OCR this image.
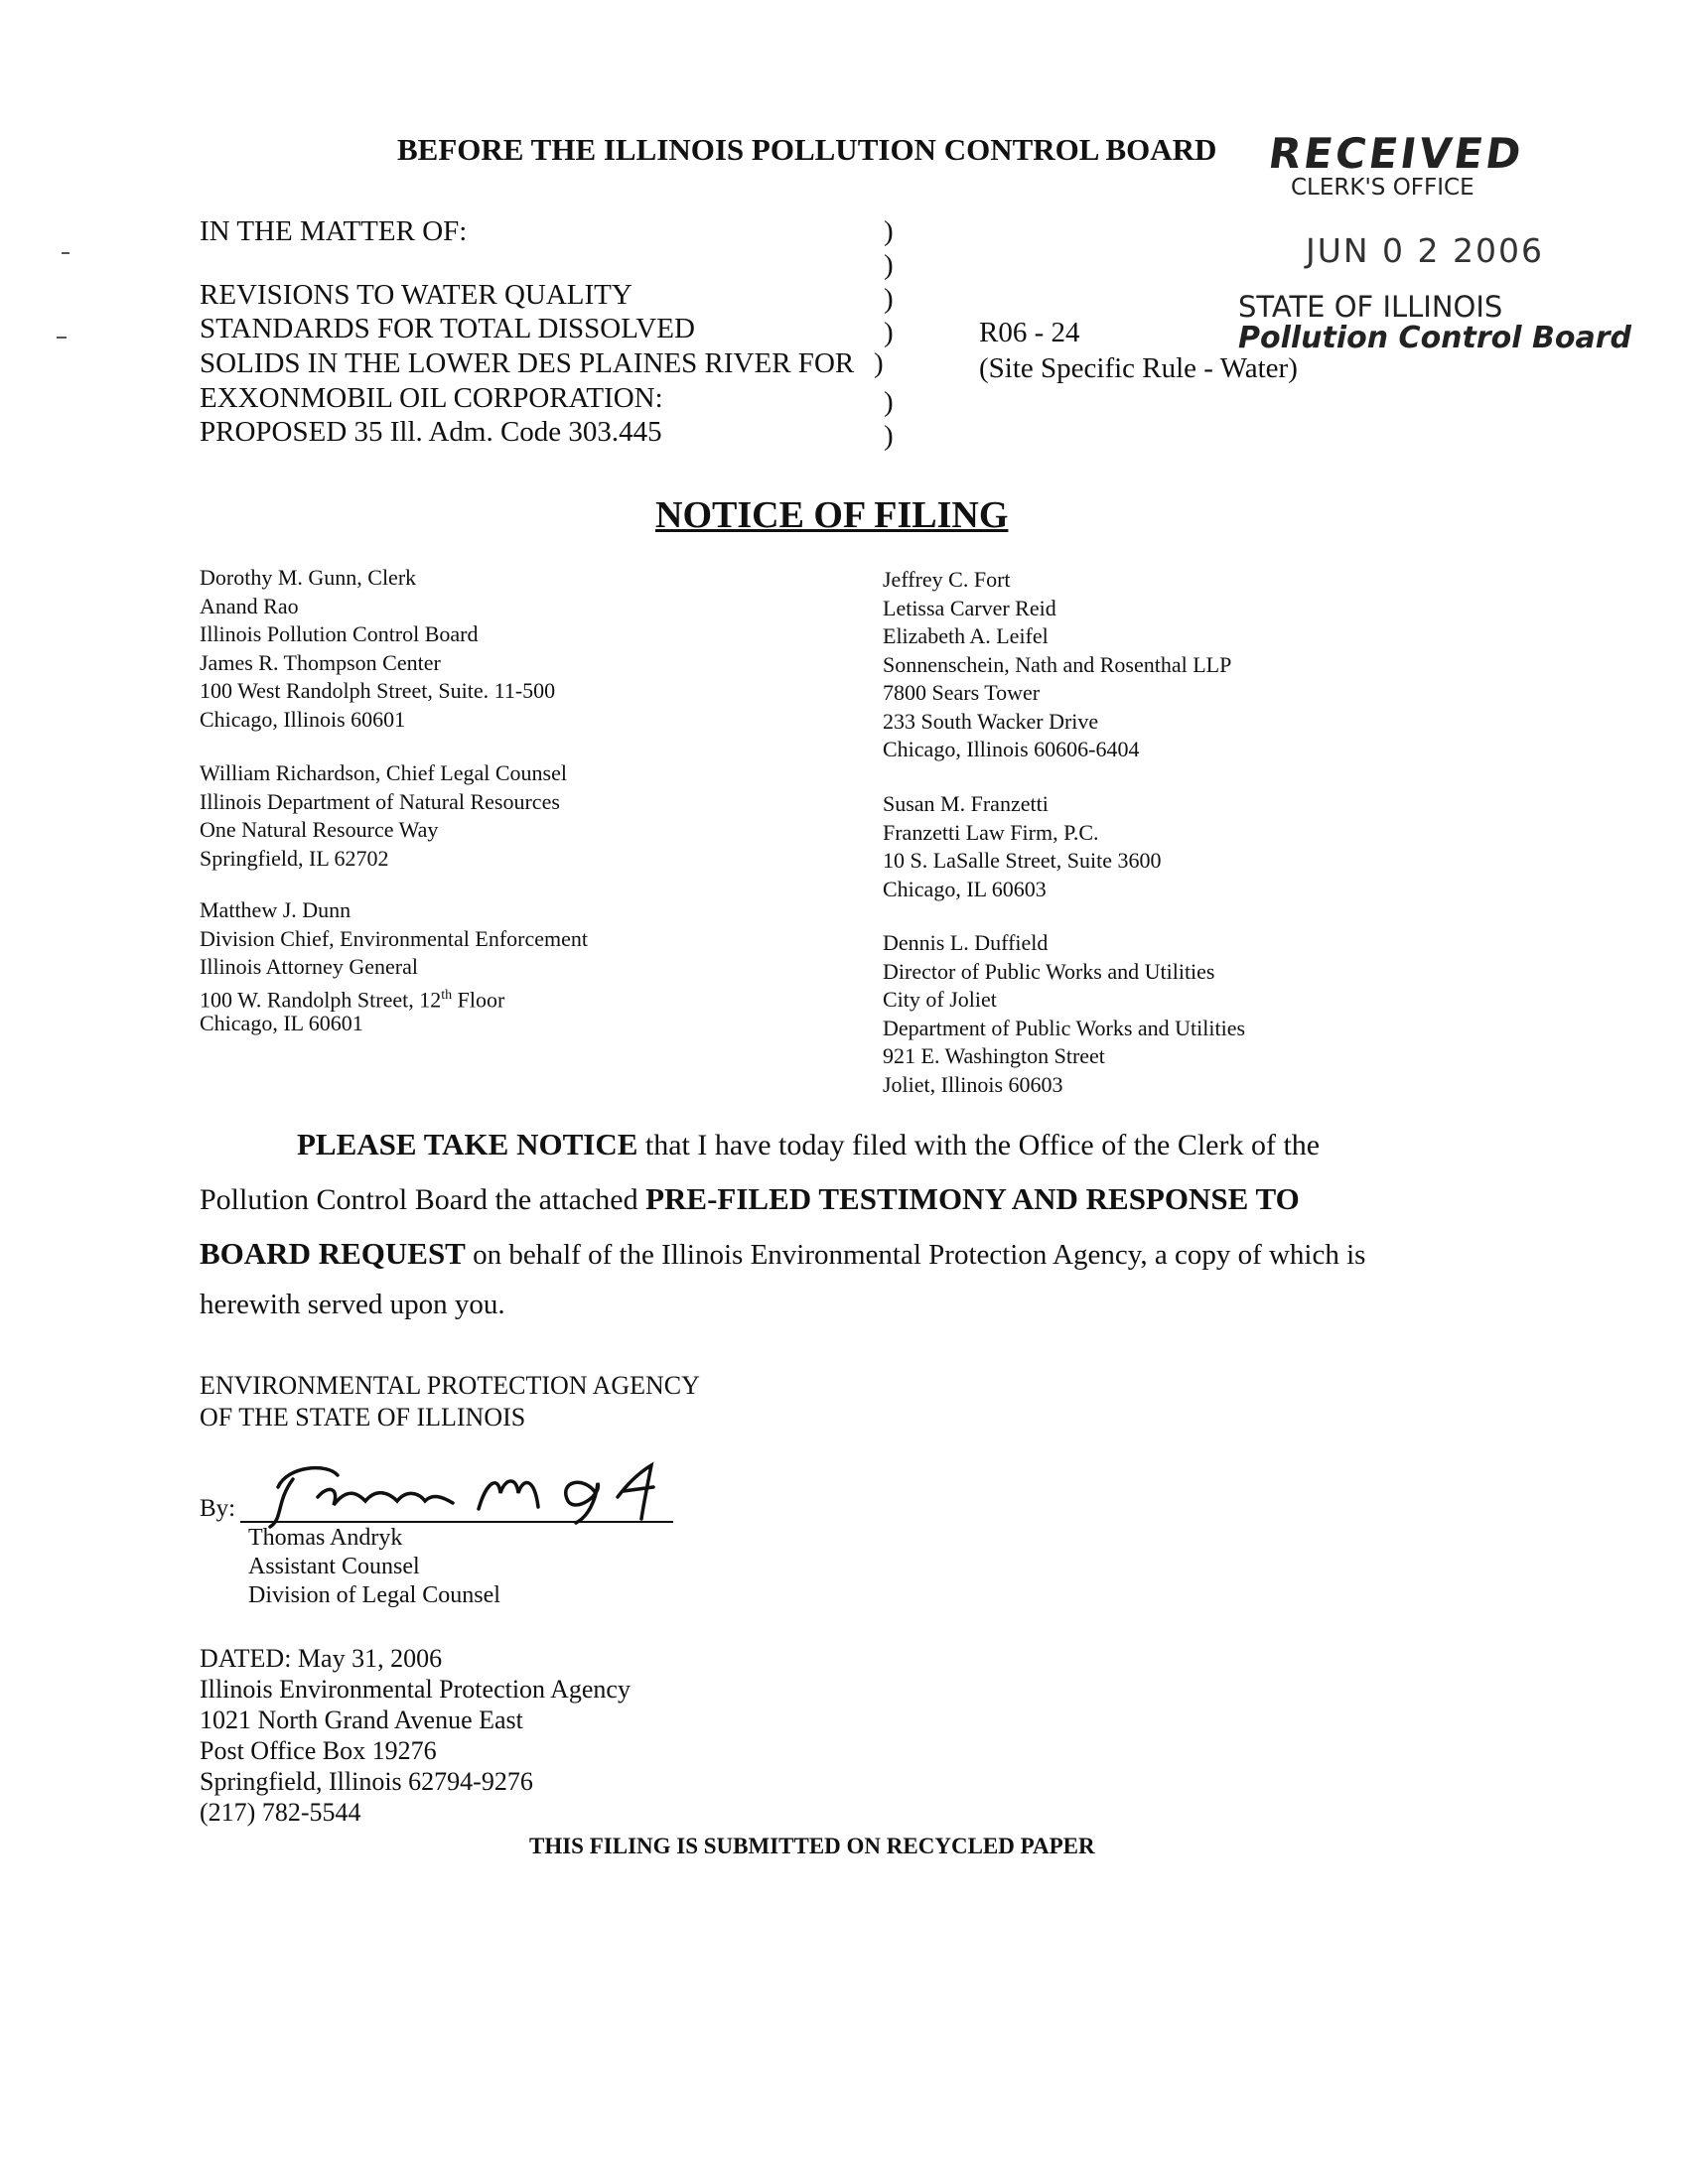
BEFORE THE ILLINOIS POLLUTION CONTROL BOARD RECEIVED
CLERK'S OFFICE
JUN 0 2 2006
STATE OF ILLINOIS
Pollution Control Board
IN THE MATTER OF:
REVISIONS TO WATER QUALITY
STANDARDS FOR TOTAL DISSOLVED
SOLIDS IN THE LOWER DES PLAINES RIVER FOR
EXXONMOBIL OIL CORPORATION:
PROPOSED 35 Ill. Adm. Code 303.445
)
)
)
)
)
)
)
R06 - 24
(Site Specific Rule - Water)
NOTICE OF FILING
Dorothy M. Gunn, Clerk
Anand Rao
Illinois Pollution Control Board
James R. Thompson Center
100 West Randolph Street, Suite. 11-500
Chicago, Illinois 60601
William Richardson, Chief Legal Counsel
Illinois Department of Natural Resources
One Natural Resource Way
Springfield, IL 62702
Matthew J. Dunn
Division Chief, Environmental Enforcement
Illinois Attorney General
100 W. Randolph Street, 12th Floor
Chicago, IL 60601
Jeffrey C. Fort
Letissa Carver Reid
Elizabeth A. Leifel
Sonnenschein, Nath and Rosenthal LLP
7800 Sears Tower
233 South Wacker Drive
Chicago, Illinois 60606-6404
Susan M. Franzetti
Franzetti Law Firm, P.C.
10 S. LaSalle Street, Suite 3600
Chicago, IL 60603
Dennis L. Duffield
Director of Public Works and Utilities
City of Joliet
Department of Public Works and Utilities
921 E. Washington Street
Joliet, Illinois 60603
PLEASE TAKE NOTICE that I have today filed with the Office of the Clerk of the
Pollution Control Board the attached PRE-FILED TESTIMONY AND RESPONSE TO
BOARD REQUEST on behalf of the Illinois Environmental Protection Agency, a copy of which is
herewith served upon you.
ENVIRONMENTAL PROTECTION AGENCY
OF THE STATE OF ILLINOIS
By:
Thomas Andryk
Assistant Counsel
Division of Legal Counsel
DATED: May 31, 2006
Illinois Environmental Protection Agency
1021 North Grand Avenue East
Post Office Box 19276
Springfield, Illinois 62794-9276
(217) 782-5544
THIS FILING IS SUBMITTED ON RECYCLED PAPER
